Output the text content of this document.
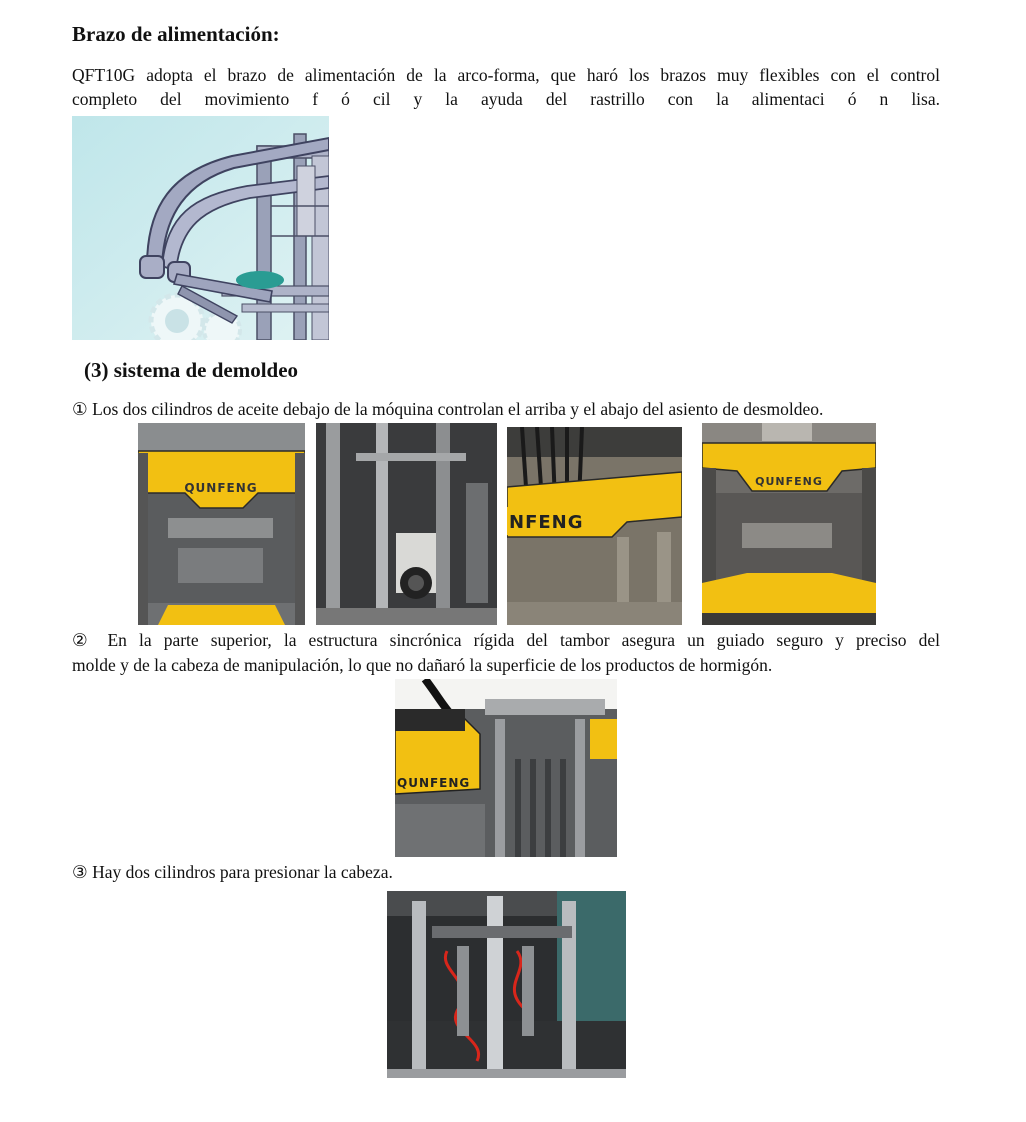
Brazo de alimentación:
QFT10G adopta el brazo de alimentación de la arco-forma, que haró los brazos muy flexibles con el control
completo del movimiento f ó cil y la ayuda del rastrillo con la alimentaci ó n lisa.
(3) sistema de demoldeo
① Los dos cilindros de aceite debajo de la móquina controlan el arriba y el abajo del asiento de desmoldeo.
QUNFENG
NFENG
QUNFENG
② En la parte superior, la estructura sincrónica rígida del tambor asegura un guiado seguro y preciso del
molde y de la cabeza de manipulación, lo que no dañaró la superficie de los productos de hormigón.
QUNFENG
③ Hay dos cilindros para presionar la cabeza.
